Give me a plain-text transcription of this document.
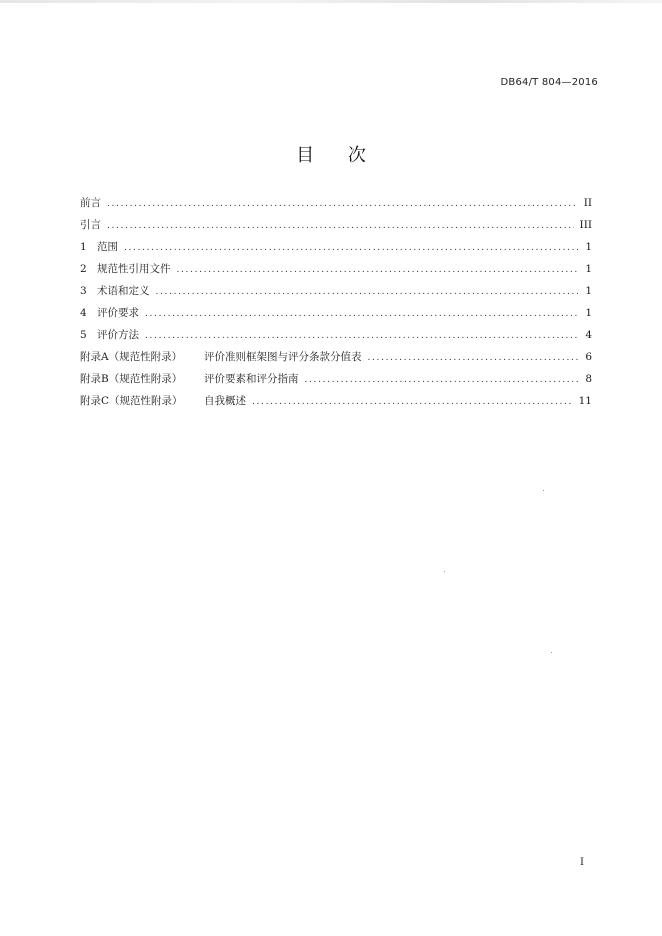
DB64/T 804—2016
目 次
前言 . . .	II
引言 . . .	III
1 范围 . . .	1
2 规范性引用文件 . . .	1
3 术语和定义 . . .	1
4 评价要求 . . .	1
5 评价方法 . . .	4
附录A（规范性附录）	评价准则框架图与评分条款分值表 . . .	6
附录B（规范性附录）	评价要素和评分指南 . . .	8
附录C（规范性附录）	自我概述 . . .	11
I
